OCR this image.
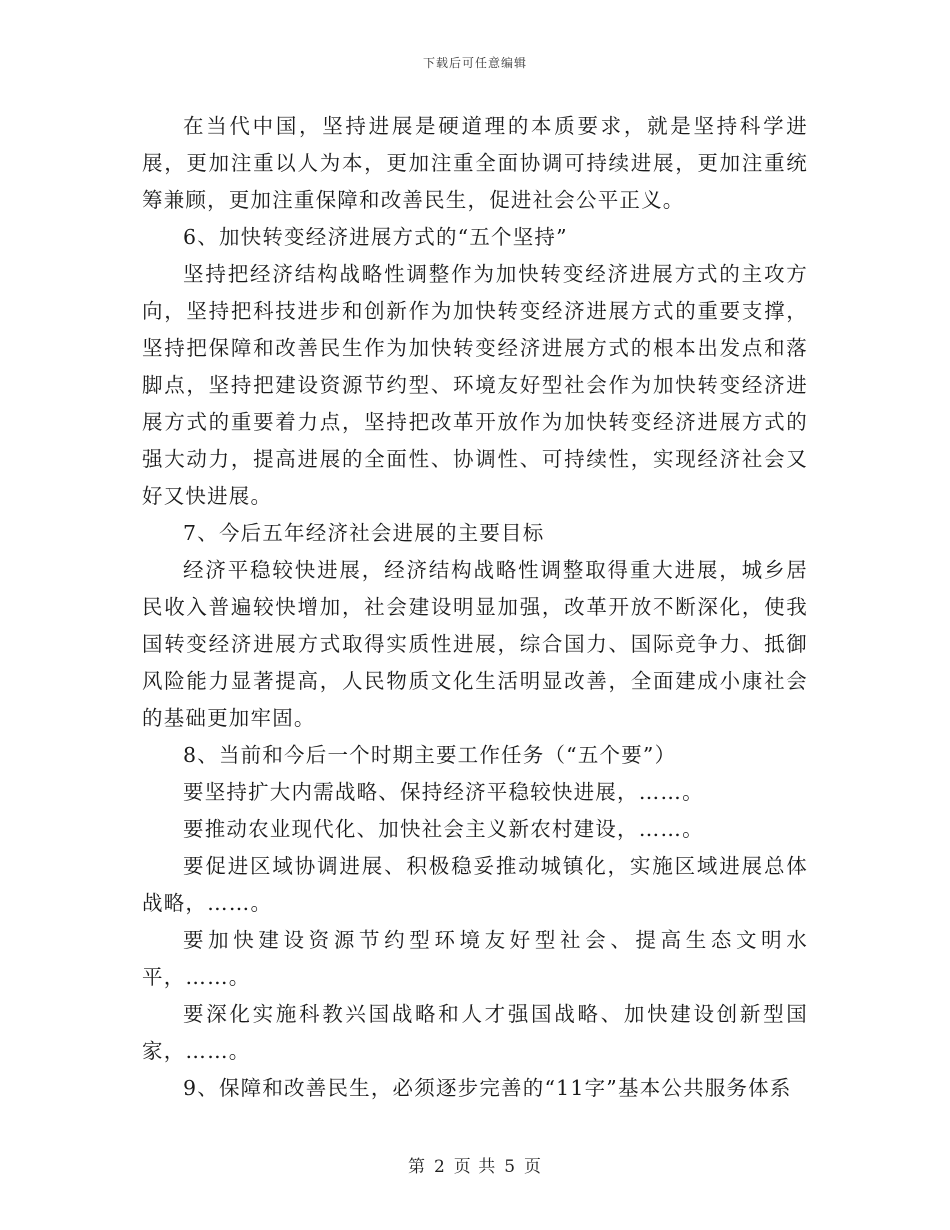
下载后可任意编辑

在当代中国，坚持进展是硬道理的本质要求，就是坚持科学进展，更加注重以人为本，更加注重全面协调可持续进展，更加注重统筹兼顾，更加注重保障和改善民生，促进社会公平正义。

6、加快转变经济进展方式的“五个坚持”

坚持把经济结构战略性调整作为加快转变经济进展方式的主攻方向，坚持把科技进步和创新作为加快转变经济进展方式的重要支撑，坚持把保障和改善民生作为加快转变经济进展方式的根本出发点和落脚点，坚持把建设资源节约型、环境友好型社会作为加快转变经济进展方式的重要着力点，坚持把改革开放作为加快转变经济进展方式的强大动力，提高进展的全面性、协调性、可持续性，实现经济社会又好又快进展。

7、今后五年经济社会进展的主要目标

经济平稳较快进展，经济结构战略性调整取得重大进展，城乡居民收入普遍较快增加，社会建设明显加强，改革开放不断深化，使我国转变经济进展方式取得实质性进展，综合国力、国际竞争力、抵御风险能力显著提高，人民物质文化生活明显改善，全面建成小康社会的基础更加牢固。

8、当前和今后一个时期主要工作任务（“五个要”）

要坚持扩大内需战略、保持经济平稳较快进展，……。

要推动农业现代化、加快社会主义新农村建设，……。

要促进区域协调进展、积极稳妥推动城镇化，实施区域进展总体战略，……。

要加快建设资源节约型环境友好型社会、提高生态文明水平，……。

要深化实施科教兴国战略和人才强国战略、加快建设创新型国家，……。

9、保障和改善民生，必须逐步完善的“11字”基本公共服务体系

第 2 页 共 5 页
